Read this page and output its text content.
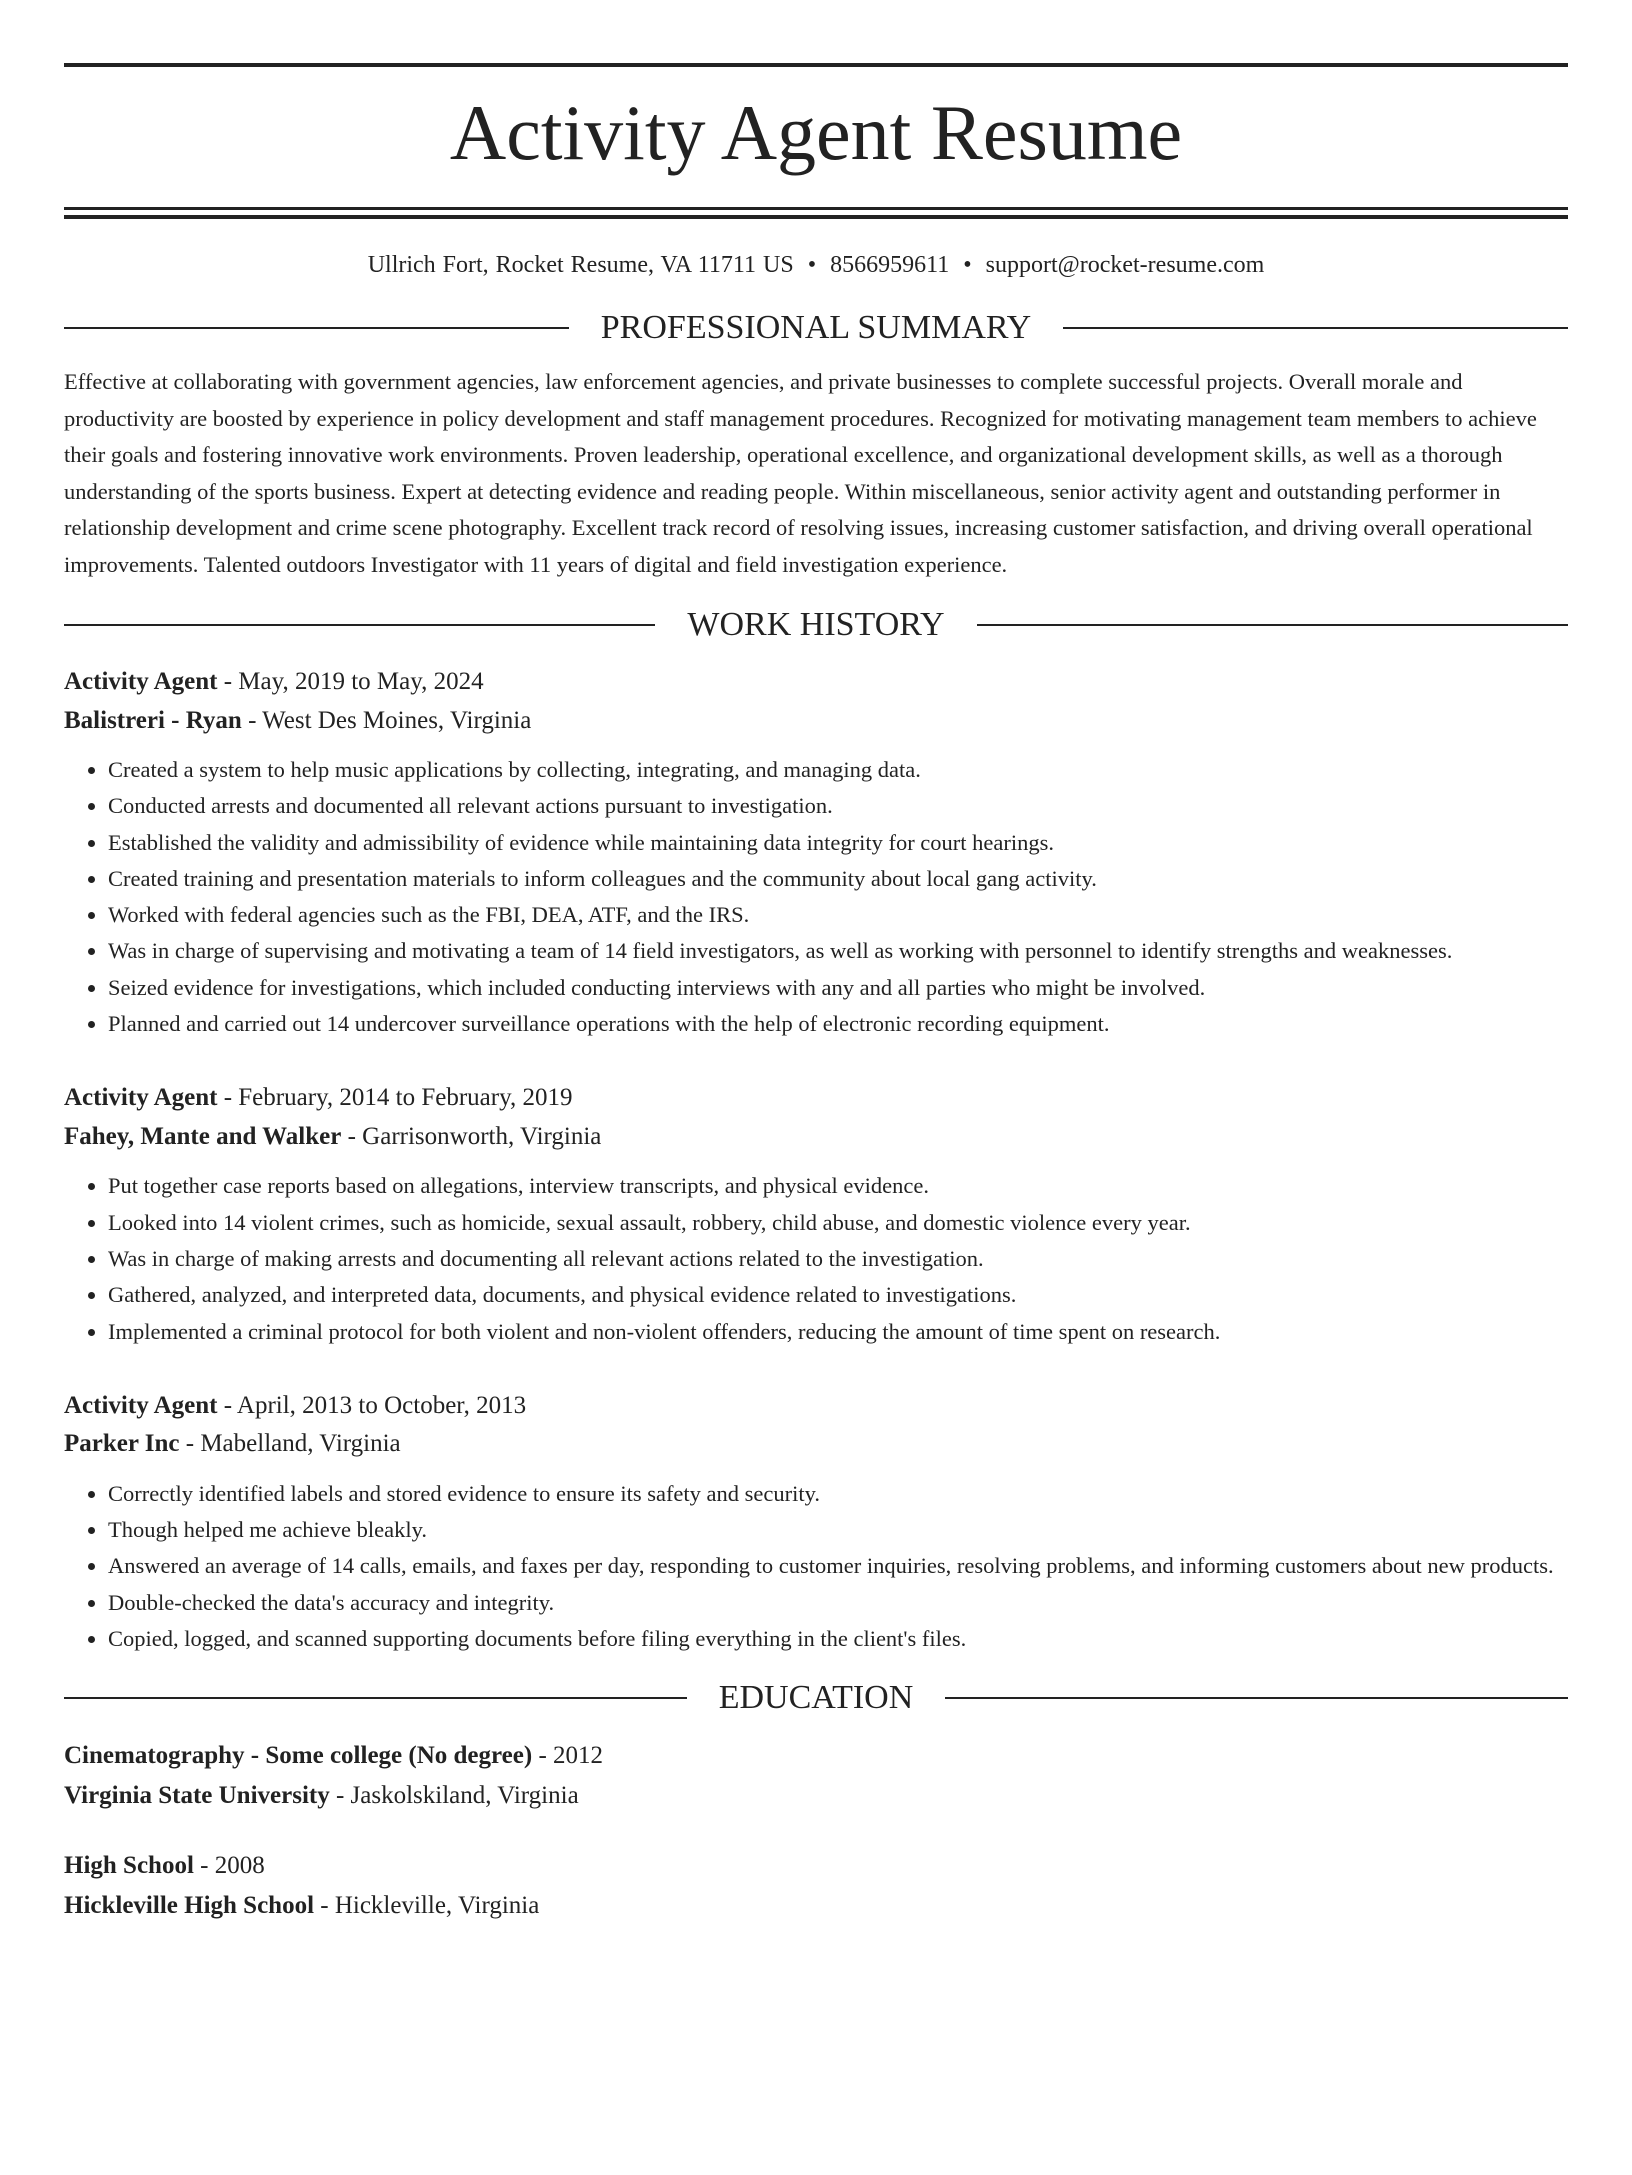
Activity Agent Resume
Ullrich Fort, Rocket Resume, VA 11711 US • 8566959611 • support@rocket-resume.com
PROFESSIONAL SUMMARY

Effective at collaborating with government agencies, law enforcement agencies, and private businesses to complete successful projects. Overall morale and productivity are boosted by experience in policy development and staff management procedures. Recognized for motivating management team members to achieve their goals and fostering innovative work environments. Proven leadership, operational excellence, and organizational development skills, as well as a thorough understanding of the sports business. Expert at detecting evidence and reading people. Within miscellaneous, senior activity agent and outstanding performer in relationship development and crime scene photography. Excellent track record of resolving issues, increasing customer satisfaction, and driving overall operational improvements. Talented outdoors Investigator with 11 years of digital and field investigation experience.

WORK HISTORY
Activity Agent - May, 2019 to May, 2024
Balistreri - Ryan - West Des Moines, Virginia
• Created a system to help music applications by collecting, integrating, and managing data.
• Conducted arrests and documented all relevant actions pursuant to investigation.
• Established the validity and admissibility of evidence while maintaining data integrity for court hearings.
• Created training and presentation materials to inform colleagues and the community about local gang activity.
• Worked with federal agencies such as the FBI, DEA, ATF, and the IRS.
• Was in charge of supervising and motivating a team of 14 field investigators, as well as working with personnel to identify strengths and weaknesses.
• Seized evidence for investigations, which included conducting interviews with any and all parties who might be involved.
• Planned and carried out 14 undercover surveillance operations with the help of electronic recording equipment.
Activity Agent - February, 2014 to February, 2019
Fahey, Mante and Walker - Garrisonworth, Virginia
• Put together case reports based on allegations, interview transcripts, and physical evidence.
• Looked into 14 violent crimes, such as homicide, sexual assault, robbery, child abuse, and domestic violence every year.
• Was in charge of making arrests and documenting all relevant actions related to the investigation.
• Gathered, analyzed, and interpreted data, documents, and physical evidence related to investigations.
• Implemented a criminal protocol for both violent and non-violent offenders, reducing the amount of time spent on research.
Activity Agent - April, 2013 to October, 2013
Parker Inc - Mabelland, Virginia
• Correctly identified labels and stored evidence to ensure its safety and security.
• Though helped me achieve bleakly.
• Answered an average of 14 calls, emails, and faxes per day, responding to customer inquiries, resolving problems, and informing customers about new products.
• Double-checked the data's accuracy and integrity.
• Copied, logged, and scanned supporting documents before filing everything in the client's files.
EDUCATION
Cinematography - Some college (No degree) - 2012
Virginia State University - Jaskolskiland, Virginia
High School - 2008
Hickleville High School - Hickleville, Virginia
